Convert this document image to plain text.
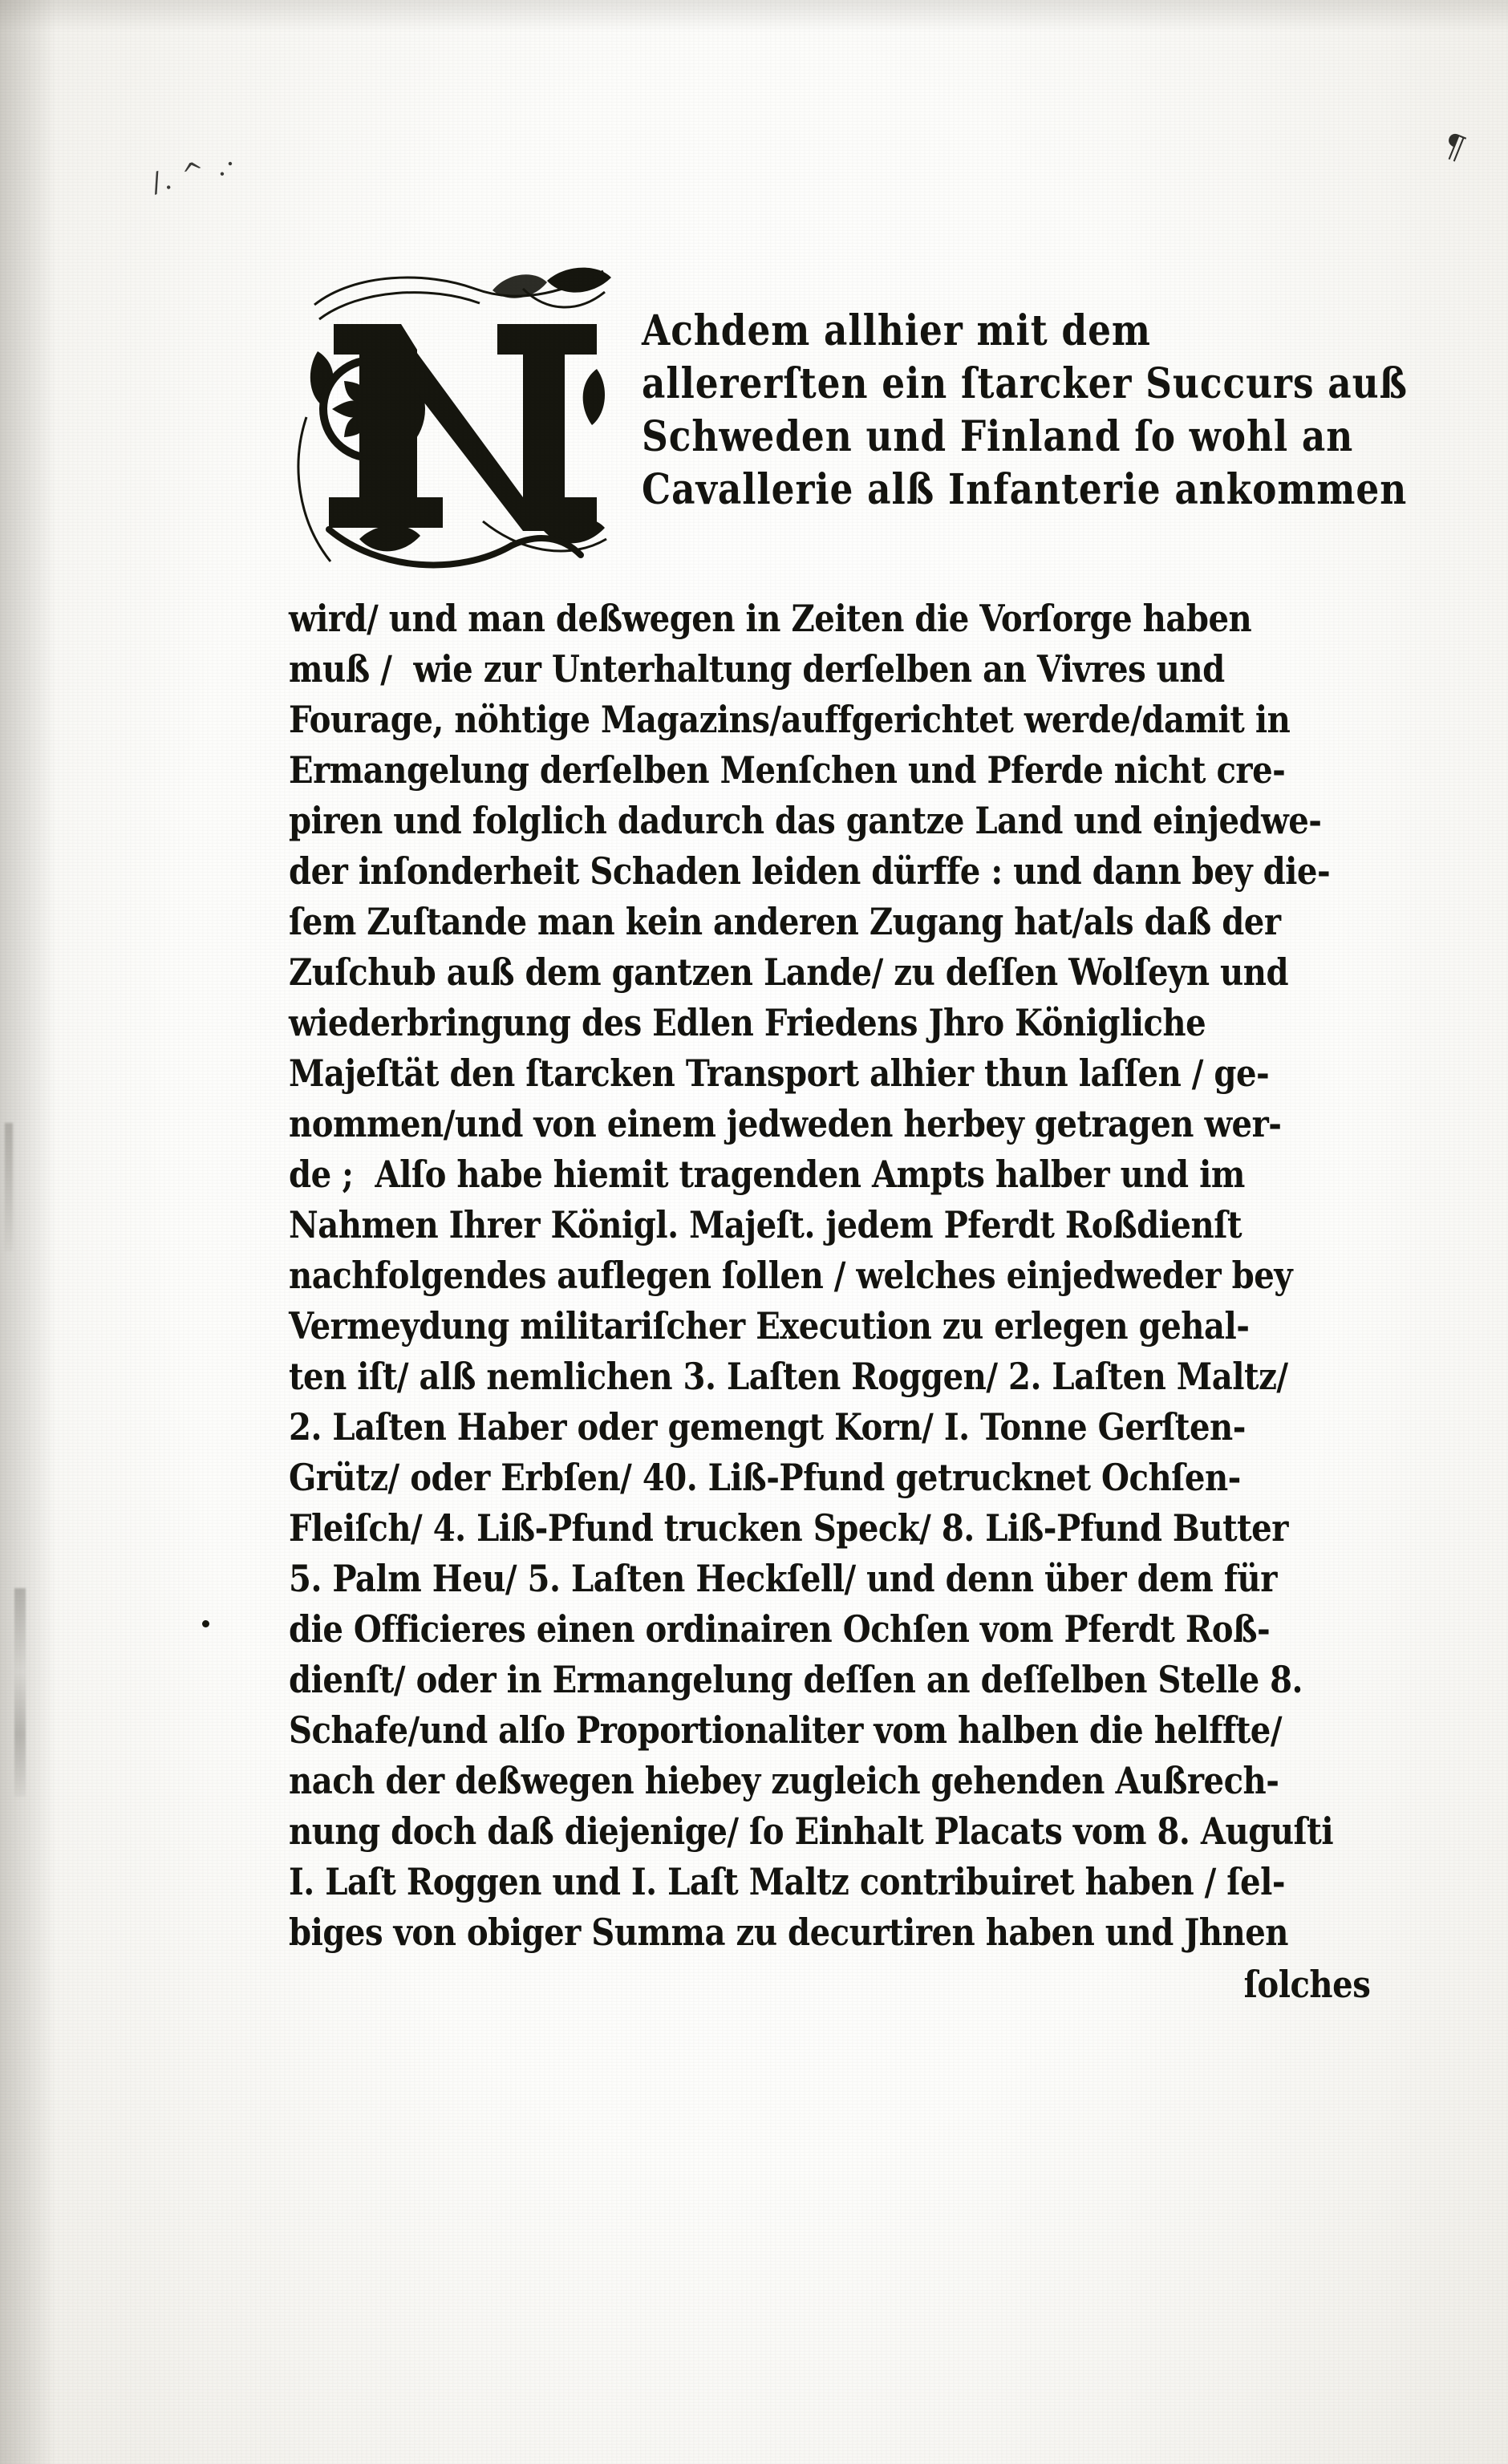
/. ^ .·
¶
Achdem allhier mit dem
allererſten ein ſtarcker Succurs auß
Schweden und Finland ſo wohl an
Cavallerie alß Infanterie ankommen
wird/ und man deßwegen in Zeiten die Vorſorge haben
muß /  wie zur Unterhaltung derſelben an Vivres und
Fourage, nöhtige Magazins/auffgerichtet werde/damit in
Ermangelung derſelben Menſchen und Pferde nicht cre-
piren und folglich dadurch das gantze Land und einjedwe-
der inſonderheit Schaden leiden dürffe : und dann bey die-
ſem Zuſtande man kein anderen Zugang hat/als daß der
Zuſchub auß dem gantzen Lande/ zu deſſen Wolſeyn und
wiederbringung des Edlen Friedens Jhro Königliche
Majeſtät den ſtarcken Transport alhier thun laſſen / ge-
nommen/und von einem jedweden herbey getragen wer-
de ;  Alſo habe hiemit tragenden Ampts halber und im
Nahmen Ihrer Königl. Majeſt. jedem Pferdt Roßdienſt
nachfolgendes auflegen ſollen / welches einjedweder bey
Vermeydung militariſcher Execution zu erlegen gehal-
ten iſt/ alß nemlichen 3. Laſten Roggen/ 2. Laſten Maltz/
2. Laſten Haber oder gemengt Korn/ I. Tonne Gerſten-
Grütz/ oder Erbſen/ 40. Liß-Pfund getrucknet Ochſen-
Fleiſch/ 4. Liß-Pfund trucken Speck/ 8. Liß-Pfund Butter
5. Palm Heu/ 5. Laſten Heckſell/ und denn über dem für
die Officieres einen ordinairen Ochſen vom Pferdt Roß-
dienſt/ oder in Ermangelung deſſen an deſſelben Stelle 8.
Schafe/und alſo Proportionaliter vom halben die helffte/
nach der deßwegen hiebey zugleich gehenden Außrech-
nung doch daß diejenige/ ſo Einhalt Placats vom 8. Auguſti
I. Laſt Roggen und I. Laſt Maltz contribuiret haben / ſel-
biges von obiger Summa zu decurtiren haben und Jhnen
ſolches
